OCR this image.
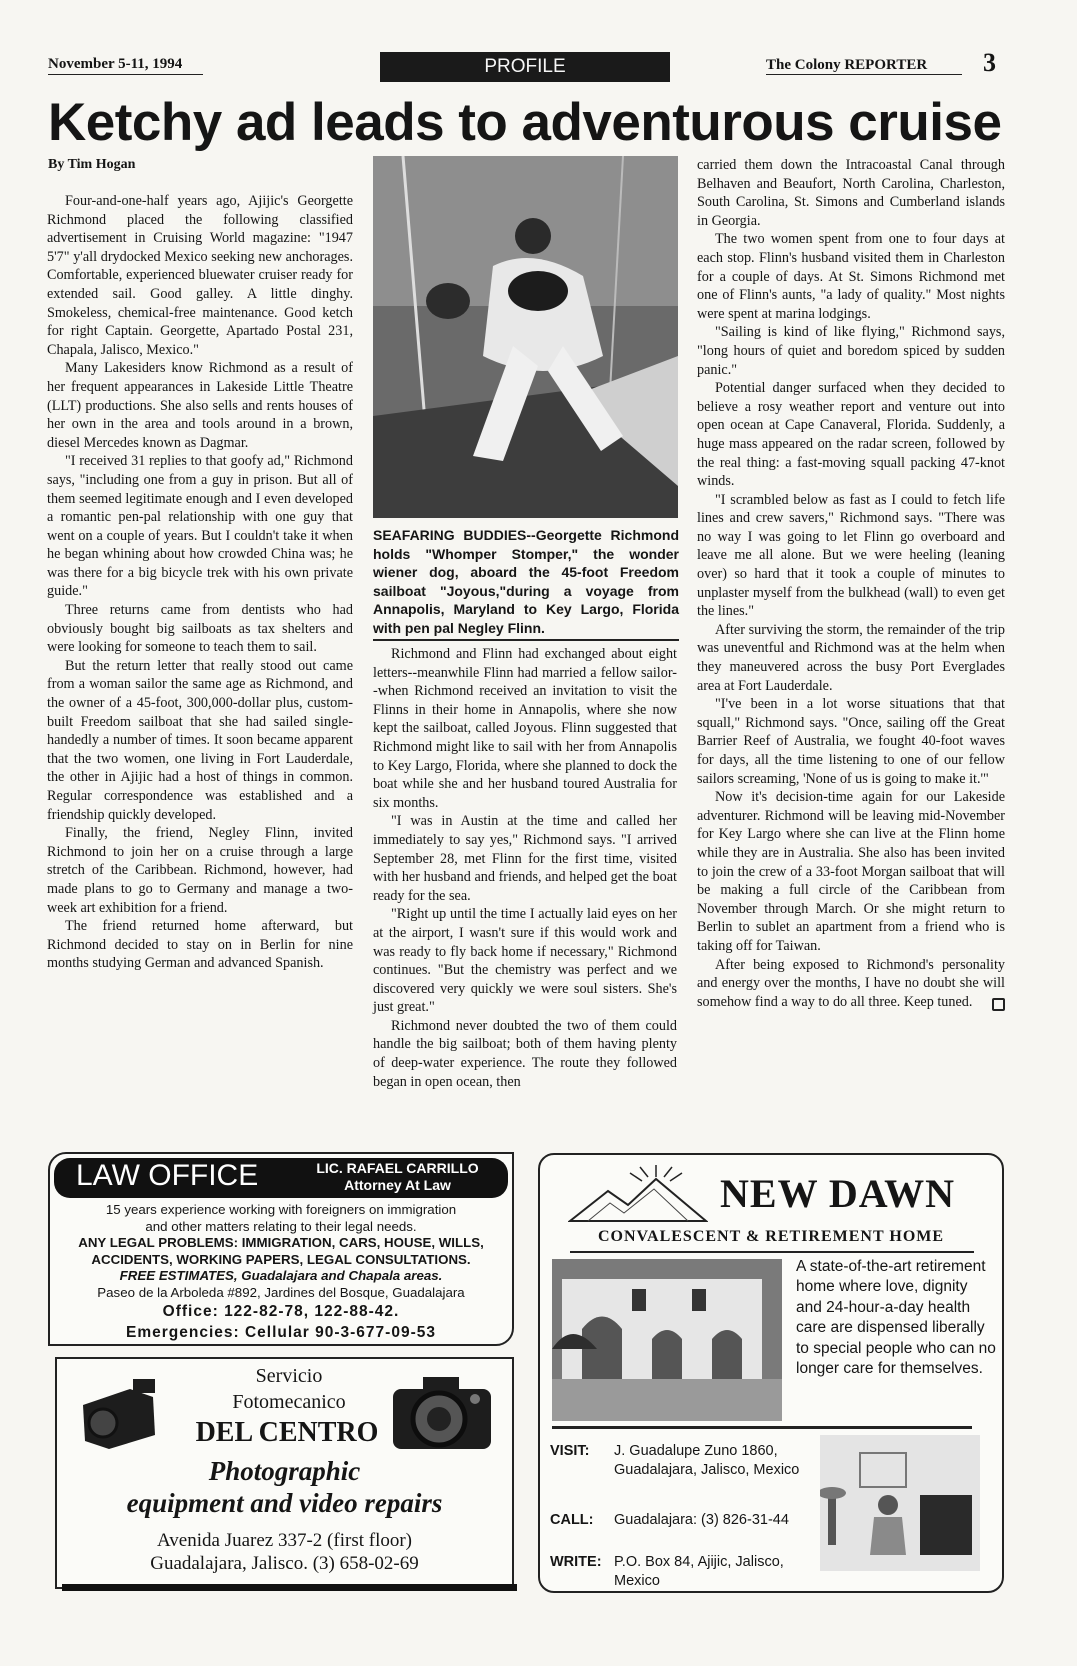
November 5-11, 1994	PROFILE	The Colony REPORTER 3
Ketchy ad leads to adventurous cruise
By Tim Hogan

Four-and-one-half years ago, Ajijic's Georgette Richmond placed the following classified advertisement in Cruising World magazine: "1947 5'7" y'all drydocked Mexico seeking new anchorages. Comfortable, experienced bluewater cruiser ready for extended sail. Good galley. A little dinghy. Smokeless, chemical-free maintenance. Good ketch for right Captain. Georgette, Apartado Postal 231, Chapala, Jalisco, Mexico."

Many Lakesiders know Richmond as a result of her frequent appearances in Lakeside Little Theatre (LLT) productions. She also sells and rents houses of her own in the area and tools around in a brown, diesel Mercedes known as Dagmar.

"I received 31 replies to that goofy ad," Richmond says, "including one from a guy in prison. But all of them seemed legitimate enough and I even developed a romantic pen-pal relationship with one guy that went on a couple of years. But I couldn't take it when he began whining about how crowded China was; he was there for a big bicycle trek with his own private guide."

Three returns came from dentists who had obviously bought big sailboats as tax shelters and were looking for someone to teach them to sail.

But the return letter that really stood out came from a woman sailor the same age as Richmond, and the owner of a 45-foot, 300,000-dollar plus, custom-built Freedom sailboat that she had sailed single-handedly a number of times. It soon became apparent that the two women, one living in Fort Lauderdale, the other in Ajijic had a host of things in common. Regular correspondence was established and a friendship quickly developed.

Finally, the friend, Negley Flinn, invited Richmond to join her on a cruise through a large stretch of the Caribbean. Richmond, however, had made plans to go to Germany and manage a two-week art exhibition for a friend.

The friend returned home afterward, but Richmond decided to stay on in Berlin for nine months studying German and advanced Spanish.

SEAFARING BUDDIES--Georgette Richmond holds "Whomper Stomper," the wonder wiener dog, aboard the 45-foot Freedom sailboat "Joyous,"during a voyage from Annapolis, Maryland to Key Largo, Florida with pen pal Negley Flinn.

Richmond and Flinn had exchanged about eight letters--meanwhile Flinn had married a fellow sailor--when Richmond received an invitation to visit the Flinns in their home in Annapolis, where she now kept the sailboat, called Joyous. Flinn suggested that Richmond might like to sail with her from Annapolis to Key Largo, Florida, where she planned to dock the boat while she and her husband toured Australia for six months.

"I was in Austin at the time and called her immediately to say yes," Richmond says. "I arrived September 28, met Flinn for the first time, visited with her husband and friends, and helped get the boat ready for the sea.

"Right up until the time I actually laid eyes on her at the airport, I wasn't sure if this would work and was ready to fly back home if necessary," Richmond continues. "But the chemistry was perfect and we discovered very quickly we were soul sisters. She's just great."

Richmond never doubted the two of them could handle the big sailboat; both of them having plenty of deep-water experience. The route they followed began in open ocean, then

carried them down the Intracoastal Canal through Belhaven and Beaufort, North Carolina, Charleston, South Carolina, St. Simons and Cumberland islands in Georgia.

The two women spent from one to four days at each stop. Flinn's husband visited them in Charleston for a couple of days. At St. Simons Richmond met one of Flinn's aunts, "a lady of quality." Most nights were spent at marina lodgings.

"Sailing is kind of like flying," Richmond says, "long hours of quiet and boredom spiced by sudden panic."

Potential danger surfaced when they decided to believe a rosy weather report and venture out into open ocean at Cape Canaveral, Florida. Suddenly, a huge mass appeared on the radar screen, followed by the real thing: a fast-moving squall packing 47-knot winds.

"I scrambled below as fast as I could to fetch life lines and crew savers," Richmond says. "There was no way I was going to let Flinn go overboard and leave me all alone. But we were heeling (leaning over) so hard that it took a couple of minutes to unplaster myself from the bulkhead (wall) to even get the lines."

After surviving the storm, the remainder of the trip was uneventful and Richmond was at the helm when they maneuvered across the busy Port Everglades area at Fort Lauderdale.

"I've been in a lot worse situations that that squall," Richmond says. "Once, sailing off the Great Barrier Reef of Australia, we fought 40-foot waves for days, all the time listening to one of our fellow sailors screaming, 'None of us is going to make it.'"

Now it's decision-time again for our Lakeside adventurer. Richmond will be leaving mid-November for Key Largo where she can live at the Flinn home while they are in Australia. She also has been invited to join the crew of a 33-foot Morgan sailboat that will be making a full circle of the Caribbean from November through March. Or she might return to Berlin to sublet an apartment from a friend who is taking off for Taiwan.

After being exposed to Richmond's personality and energy over the months, I have no doubt she will somehow find a way to do all three. Keep tuned.

LAW OFFICE	LIC. RAFAEL CARRILLO
Attorney At Law
15 years experience working with foreigners on immigration
and other matters relating to their legal needs.
ANY LEGAL PROBLEMS: IMMIGRATION, CARS, HOUSE, WILLS,
ACCIDENTS, WORKING PAPERS, LEGAL CONSULTATIONS.
FREE ESTIMATES, Guadalajara and Chapala areas.
Paseo de la Arboleda #892, Jardines del Bosque, Guadalajara
Office: 122-82-78, 122-88-42.
Emergencies: Cellular 90-3-677-09-53
Servicio
Fotomecanico
DEL CENTRO
Photographic
equipment and video repairs
Avenida Juarez 337-2 (first floor)
Guadalajara, Jalisco. (3) 658-02-69
NEW DAWN
CONVALESCENT & RETIREMENT HOME
A state-of-the-art retirement home where love, dignity and 24-hour-a-day health care are dispensed liberally to special people who can no longer care for themselves.
VISIT: J. Guadalupe Zuno 1860, Guadalajara, Jalisco, Mexico
CALL: Guadalajara: (3) 826-31-44
WRITE: P.O. Box 84, Ajijic, Jalisco, Mexico
